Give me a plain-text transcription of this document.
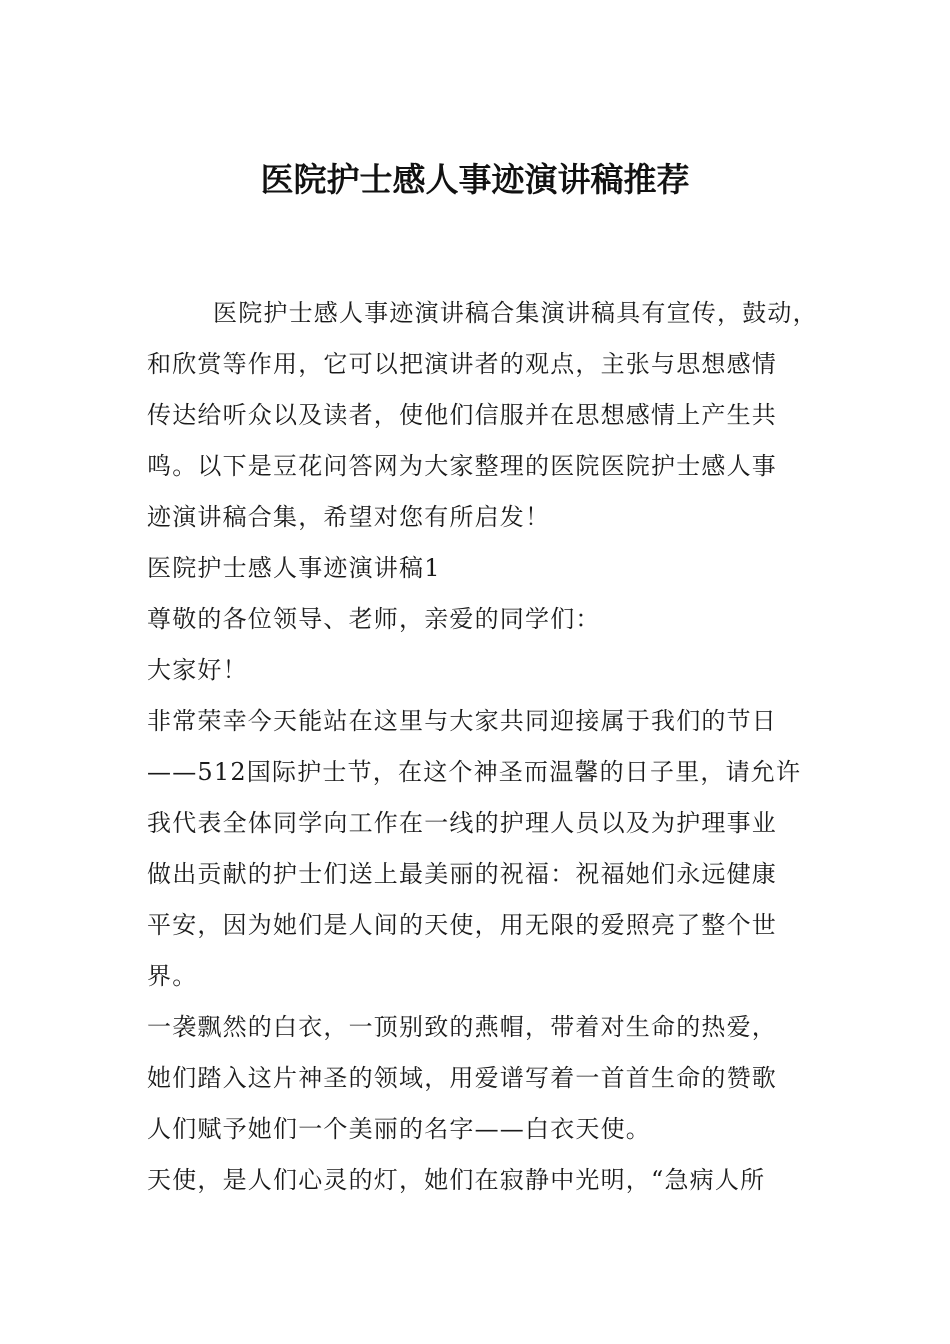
医院护士感人事迹演讲稿推荐
医院护士感人事迹演讲稿合集演讲稿具有宣传，鼓动，
和欣赏等作用，它可以把演讲者的观点，主张与思想感情
传达给听众以及读者，使他们信服并在思想感情上产生共
鸣。以下是豆花问答网为大家整理的医院医院护士感人事
迹演讲稿合集，希望对您有所启发！
医院护士感人事迹演讲稿1
尊敬的各位领导、老师，亲爱的同学们：
大家好！
非常荣幸今天能站在这里与大家共同迎接属于我们的节日
——512国际护士节，在这个神圣而温馨的日子里，请允许
我代表全体同学向工作在一线的护理人员以及为护理事业
做出贡献的护士们送上最美丽的祝福：祝福她们永远健康
平安，因为她们是人间的天使，用无限的爱照亮了整个世
界。
一袭飘然的白衣，一顶别致的燕帽，带着对生命的热爱，
她们踏入这片神圣的领域，用爱谱写着一首首生命的赞歌
人们赋予她们一个美丽的名字——白衣天使。
天使，是人们心灵的灯，她们在寂静中光明，“急病人所
